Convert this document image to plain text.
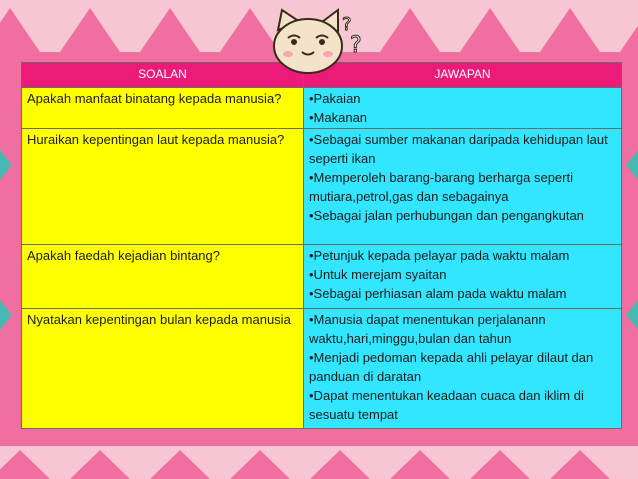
?
?
SOALAN	JAWAPAN
Apakah manfaat binatang kepada manusia?	•Pakaian
•Makanan

Huraikan kepentingan laut kepada manusia?	•Sebagai sumber makanan daripada kehidupan laut seperti ikan
•Memperoleh barang-barang berharga seperti mutiara,petrol,gas dan sebagainya
•Sebagai jalan perhubungan dan pengangkutan

Apakah faedah kejadian bintang?	•Petunjuk kepada pelayar pada waktu malam
•Untuk merejam syaitan
•Sebagai perhiasan alam pada waktu malam

Nyatakan kepentingan bulan kepada manusia	•Manusia dapat menentukan perjalanann waktu,hari,minggu,bulan dan tahun
•Menjadi pedoman kepada ahli pelayar dilaut dan panduan di daratan
•Dapat menentukan keadaan cuaca dan iklim di sesuatu tempat
